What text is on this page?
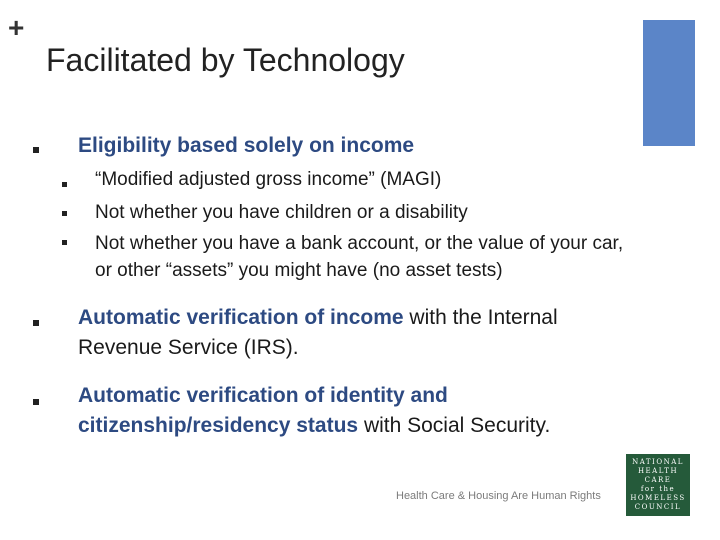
+
Facilitated by Technology
Eligibility based solely on income
“Modified adjusted gross income” (MAGI)
Not whether you have children or a disability
Not whether you have a bank account, or the value of your car, or other “assets” you might have (no asset tests)
Automatic verification of income with the Internal Revenue Service (IRS).
Automatic verification of identity and citizenship/residency status with Social Security.
Health Care & Housing Are Human Rights
NATIONAL
HEALTH CARE
for the
HOMELESS
COUNCIL
